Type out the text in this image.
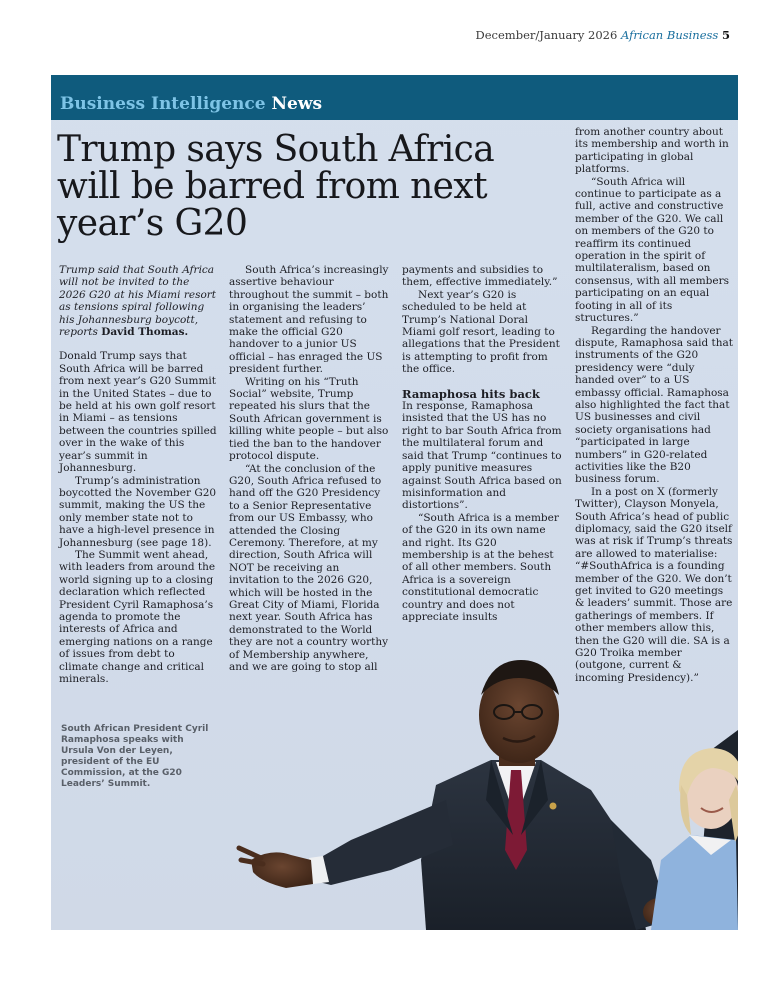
December/January 2026 African Business 5
Business Intelligence News
Trump says South Africa will be barred from next year’s G20

Trump said that South Africa will not be invited to the 2026 G20 at his Miami resort as tensions spiral following his Johannesburg boycott, reports David Thomas.

Donald Trump says that South Africa will be barred from next year’s G20 Summit in the United States – due to be held at his own golf resort in Miami – as tensions between the countries spilled over in the wake of this year’s summit in Johannesburg.

Trump’s administration boycotted the November G20 summit, making the US the only member state not to have a high-level presence in Johannesburg (see page 18).

The Summit went ahead, with leaders from around the world signing up to a closing declaration which reflected President Cyril Ramaphosa’s agenda to promote the interests of Africa and emerging nations on a range of issues from debt to climate change and critical minerals.

South Africa’s increasingly assertive behaviour throughout the summit – both in organising the leaders’ statement and refusing to make the official G20 handover to a junior US official – has enraged the US president further.

Writing on his “Truth Social” website, Trump repeated his slurs that the South African government is killing white people – but also tied the ban to the handover protocol dispute.

“At the conclusion of the G20, South Africa refused to hand off the G20 Presidency to a Senior Representative from our US Embassy, who attended the Closing Ceremony. Therefore, at my direction, South Africa will NOT be receiving an invitation to the 2026 G20, which will be hosted in the Great City of Miami, Florida next year. South Africa has demonstrated to the World they are not a country worthy of Membership anywhere, and we are going to stop all

payments and subsidies to them, effective immediately.”

Next year’s G20 is scheduled to be held at Trump’s National Doral Miami golf resort, leading to allegations that the President is attempting to profit from the office.

Ramaphosa hits back

In response, Ramaphosa insisted that the US has no right to bar South Africa from the multilateral forum and said that Trump “continues to apply punitive measures against South Africa based on misinformation and distortions”.

“South Africa is a member of the G20 in its own name and right. Its G20 membership is at the behest of all other members. South Africa is a sovereign constitutional democratic country and does not appreciate insults

from another country about its membership and worth in participating in global platforms.

“South Africa will continue to participate as a full, active and constructive member of the G20. We call on members of the G20 to reaffirm its continued operation in the spirit of multilateralism, based on consensus, with all members participating on an equal footing in all of its structures.”

Regarding the handover dispute, Ramaphosa said that instruments of the G20 presidency were “duly handed over” to a US embassy official. Ramaphosa also highlighted the fact that US businesses and civil society organisations had “participated in large numbers” in G20-related activities like the B20 business forum.

In a post on X (formerly Twitter), Clayson Monyela, South Africa’s head of public diplomacy, said the G20 itself was at risk if Trump’s threats are allowed to materialise: “#SouthAfrica is a founding member of the G20. We don’t get invited to G20 meetings & leaders’ summit. Those are gatherings of members. If other members allow this, then the G20 will die. SA is a G20 Troika member (outgone, current & incoming Presidency).”

South African President Cyril Ramaphosa speaks with Ursula Von der Leyen, president of the EU Commission, at the G20 Leaders’ Summit.
